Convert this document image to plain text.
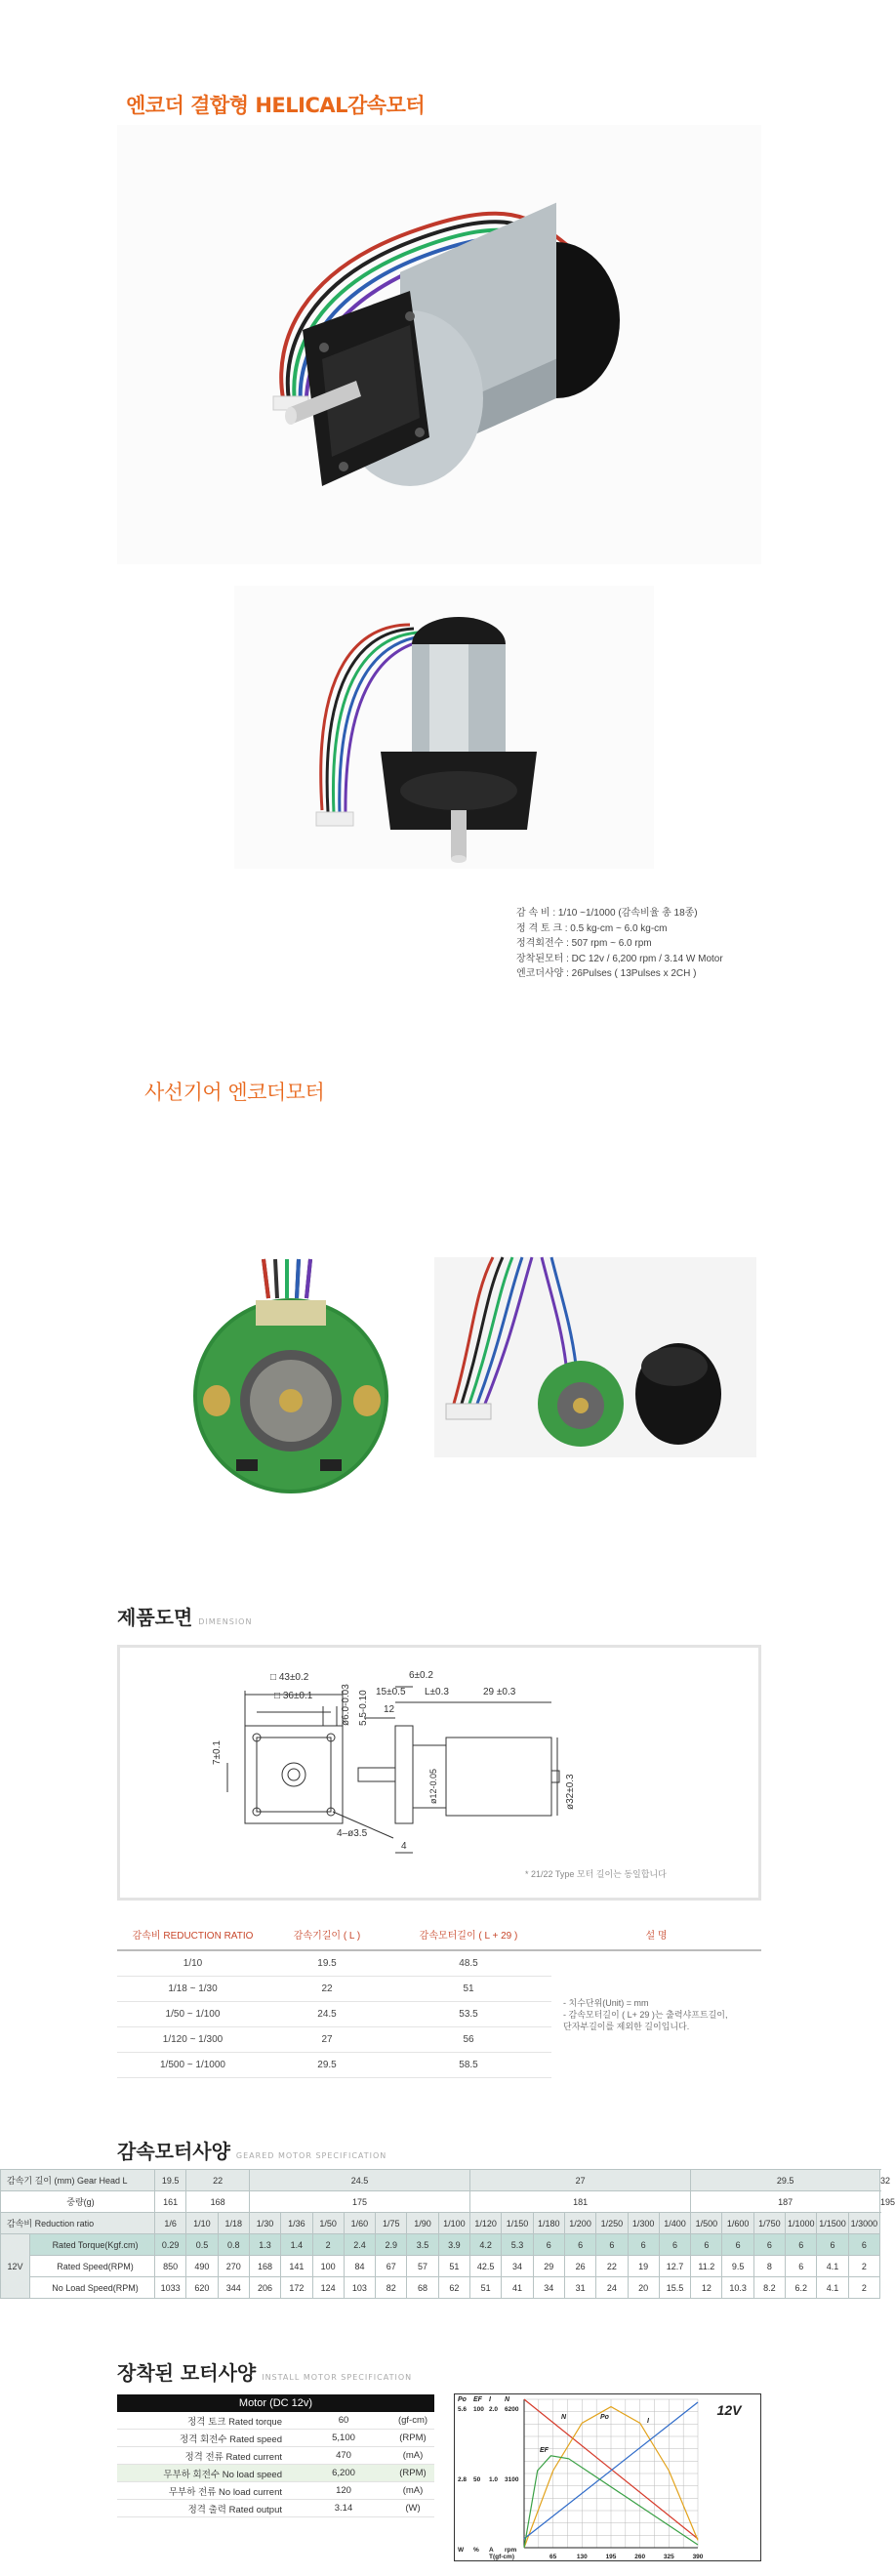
엔코더 결합형 HELICAL감속모터
감 속 비 : 1/10 ~1/1000 (감속비율 총 18종)
정 격 토 크 : 0.5 kg-cm ~ 6.0 kg-cm
정격회전수 : 507 rpm ~ 6.0 rpm
장착된모터 : DC 12v / 6,200 rpm / 3.14 W Motor
엔코더사양 : 26Pulses ( 13Pulses x 2CH )
사선기어 엔코더모터
제품도면 DIMENSION
□ 43±0.2
□ 36±0.1
7±0.1
4–ø3.5
ø6.0-0.03 5.5-0.10
6±0.2
15±0.5
12
L±0.3	29 ±0.3
ø12-0.05	ø32±0.3
4
* 21/22 Type 모터 길이는 동일합니다
감속비 REDUCTION RATIO	감속기길이 ( L )	감속모터길이 ( L + 29 )	설 명
1/10	19.5	48.5	- 치수단위(Unit) = mm
- 감속모터길이 ( L+ 29 )는 출력샤프트길이,
단자부길이를 제외한 길이입니다.

1/18 ~ 1/30	22	51	
1/50 ~ 1/100	24.5	53.5	
1/120 ~ 1/300	27	56	
1/500 ~ 1/1000	29.5	58.5	
감속모터사양 GEARED MOTOR SPECIFICATION
감속기 길이 (mm) Gear Head L		19.5	22		24.5							27							29.5						32
중량(g)		161	168		175							181							187						195
감속비 Reduction ratio		1/6	1/10	1/18	1/30	1/36	1/50	1/60	1/75	1/90	1/100	1/120	1/150	1/180	1/200	1/250	1/300	1/400	1/500	1/600	1/750	1/1000	1/1500	1/3000	
12V	Rated Torque(Kgf.cm)	0.29	0.5	0.8	1.3	1.4	2	2.4	2.9	3.5	3.9	4.2	5.3	6	6	6	6	6	6	6	6	6	6	6	
	Rated Speed(RPM)	850	490	270	168	141	100	84	67	57	51	42.5	34	29	26	22	19	12.7	11.2	9.5	8	6	4.1	2	
	No Load Speed(RPM)	1033	620	344	206	172	124	103	82	68	62	51	41	34	31	24	20	15.5	12	10.3	8.2	6.2	4.1	2	
장착된 모터사양 INSTALL MOTOR SPECIFICATION
Motor (DC 12v)
정격 토크 Rated torque	60	(gf-cm)
정격 회전수 Rated speed	5,100	(RPM)
정격 전류 Rated current	470	(mA)
무부하 회전수 No load speed	6,200	(RPM)
무부하 전류 No load current	120	(mA)
정격 출력 Rated output	3.14	(W)
Po
5.6
2.8
W
EF
100
50
%
I
2.0
1.0
A
N
6200
3100
rpm
T(gf-cm)	65	130	195	260	325	390
12V
N	Po
I
EF
